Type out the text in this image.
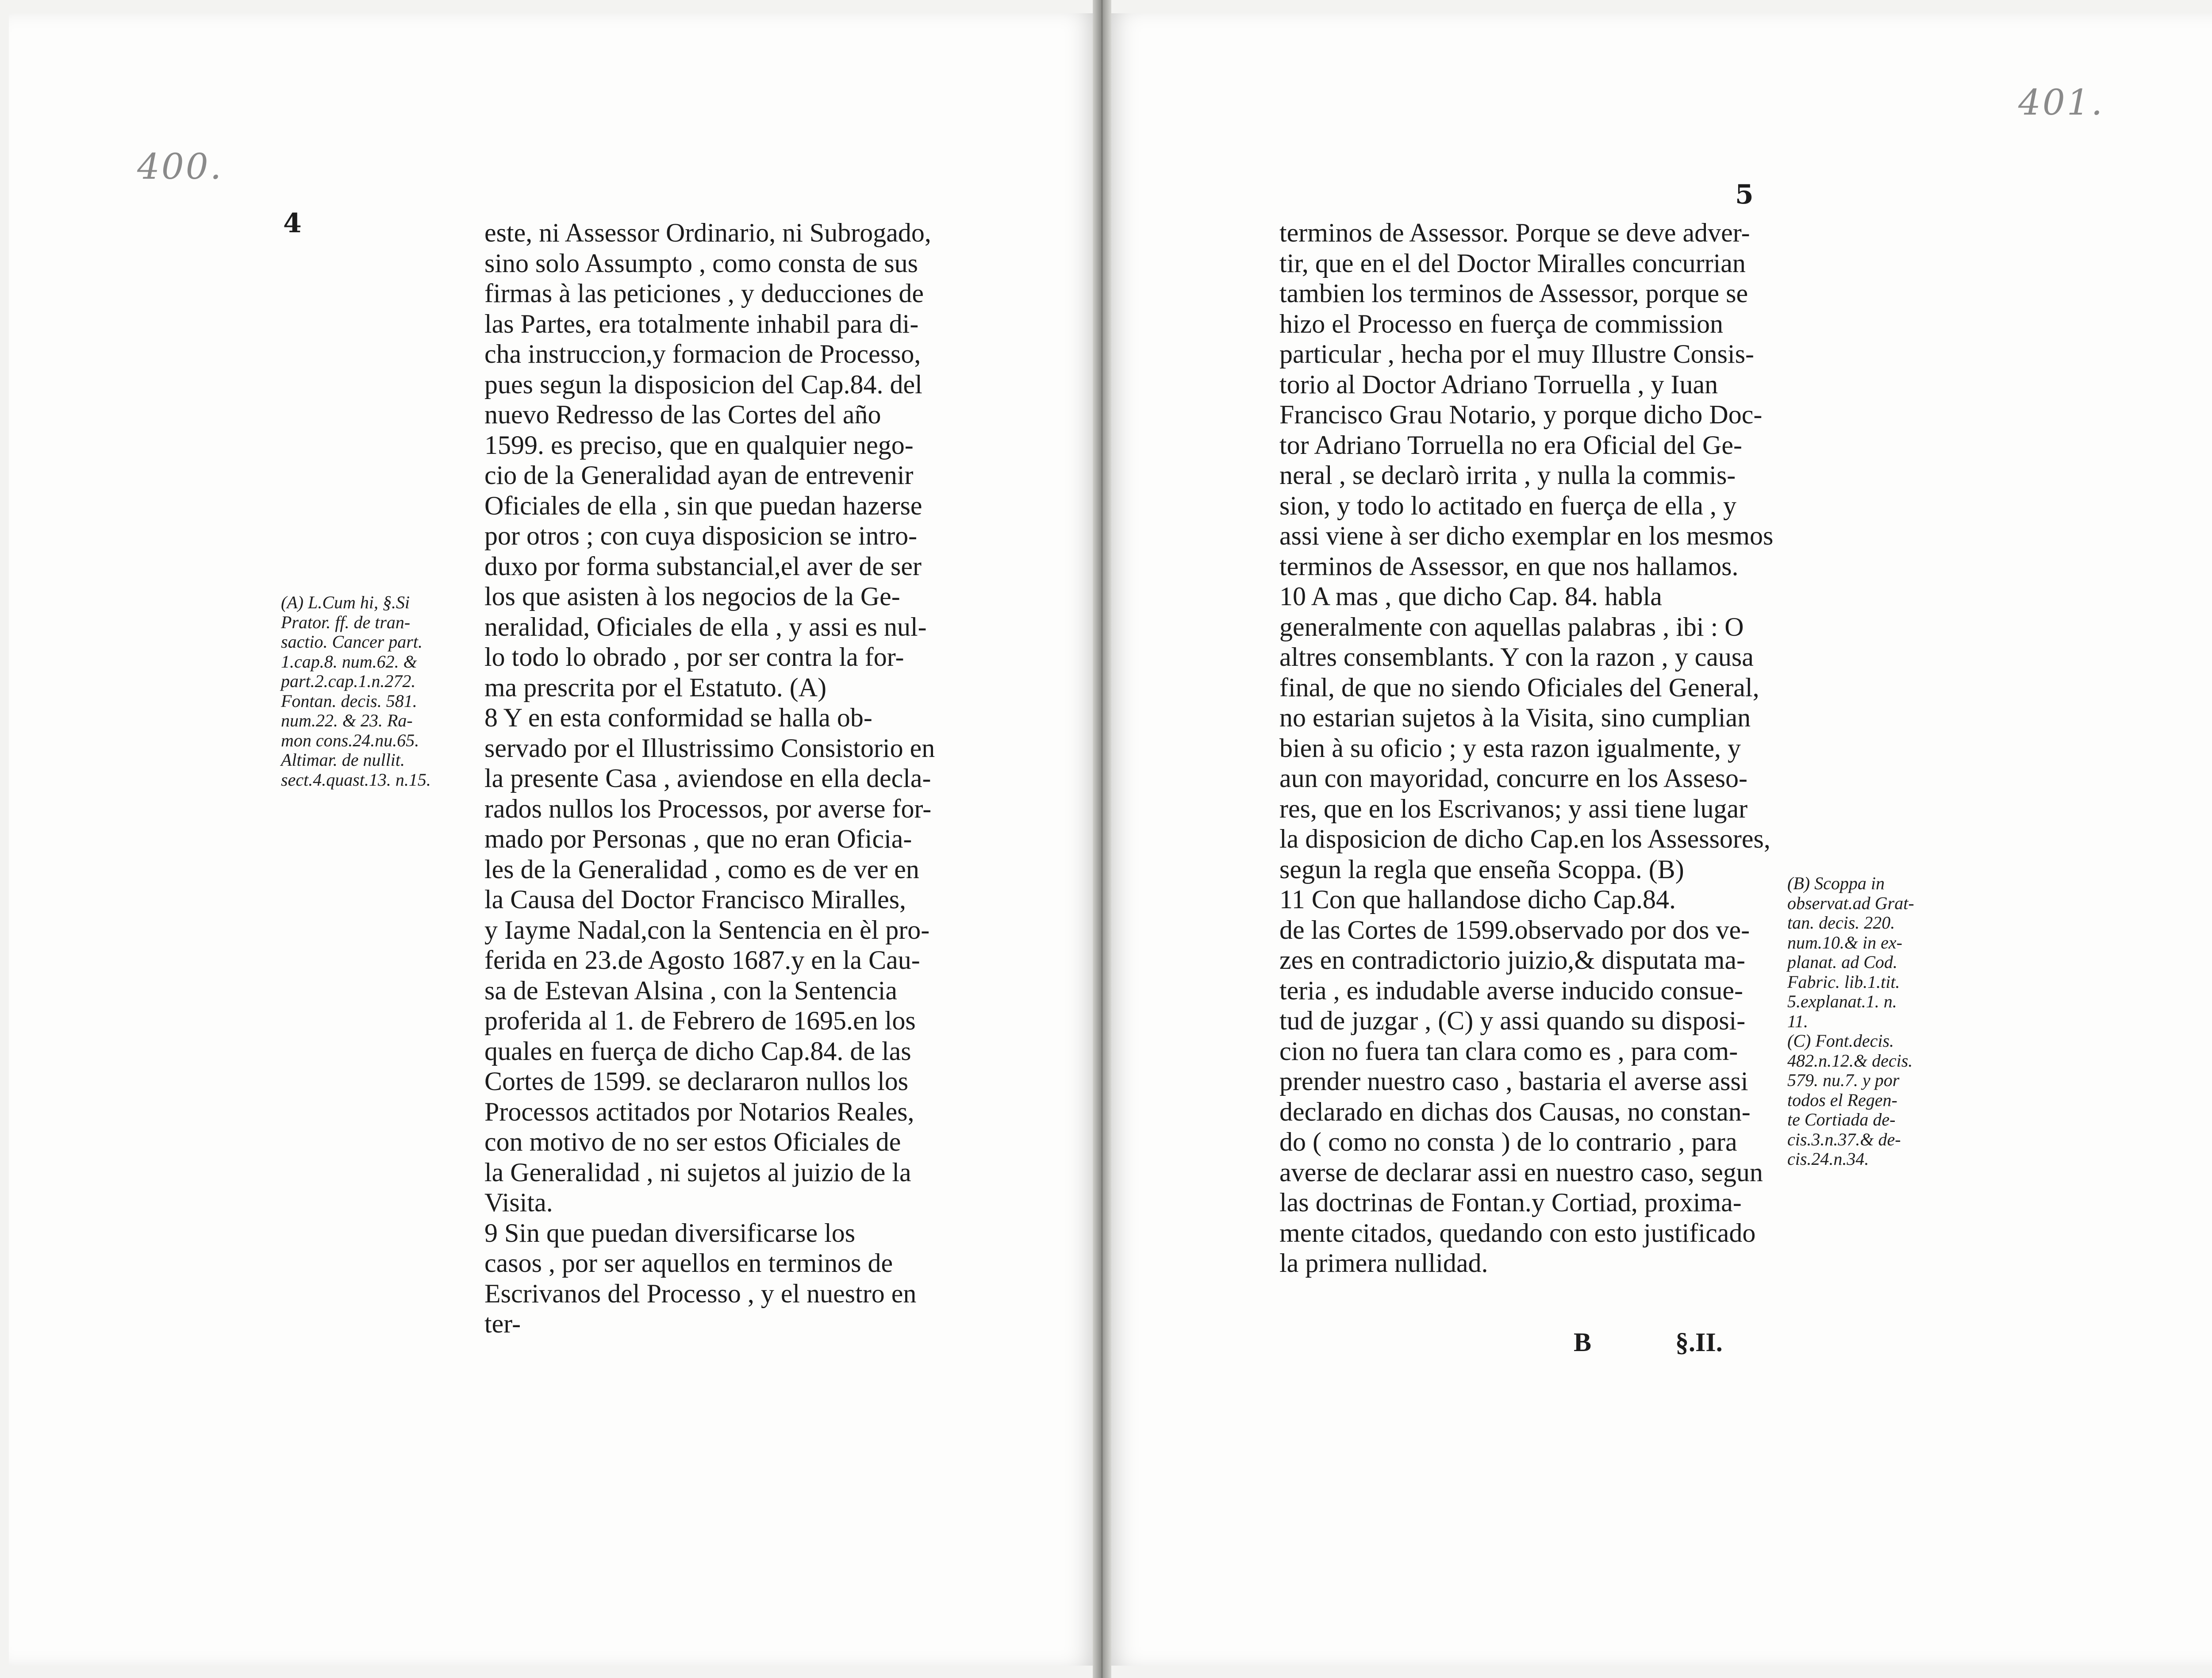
400.
4	este, ni Assessor Ordinario, ni Subrogado,
sino solo Assumpto , como consta de sus
firmas à las peticiones , y deducciones de
las Partes, era totalmente inhabil para di-
cha instruccion,y formacion de Processo,
pues segun la disposicion del Cap.84. del
nuevo Redresso de las Cortes del año
1599. es preciso, que en qualquier nego-
cio de la Generalidad ayan de entrevenir
Oficiales de ella , sin que puedan hazerse
por otros ; con cuya disposicion se intro-
duxo por forma substancial,el aver de ser
los que asisten à los negocios de la Ge-
neralidad, Oficiales de ella , y assi es nul-
lo todo lo obrado , por ser contra la for-
ma prescrita por el Estatuto. (A)
8 Y en esta conformidad se halla ob-
servado por el Illustrissimo Consistorio en
la presente Casa , aviendose en ella decla-
rados nullos los Processos, por averse for-
mado por Personas , que no eran Oficia-
les de la Generalidad , como es de ver en
la Causa del Doctor Francisco Miralles,
y Iayme Nadal,con la Sentencia en èl pro-
ferida en 23.de Agosto 1687.y en la Cau-
sa de Estevan Alsina , con la Sentencia
proferida al 1. de Febrero de 1695.en los
quales en fuerça de dicho Cap.84. de las
Cortes de 1599. se declararon nullos los
Processos actitados por Notarios Reales,
con motivo de no ser estos Oficiales de
la Generalidad , ni sujetos al juizio de la
Visita.
9 Sin que puedan diversificarse los
casos , por ser aquellos en terminos de
Escrivanos del Processo , y el nuestro en
ter-
(A) L.Cum hi, §.Si
Prator. ff. de tran-
sactio. Cancer part.
1.cap.8. num.62. &
part.2.cap.1.n.272.
Fontan. decis. 581.
num.22. & 23. Ra-
mon cons.24.nu.65.
Altimar. de nullit.
sect.4.quast.13. n.15.
401.
5
terminos de Assessor. Porque se deve adver-
tir, que en el del Doctor Miralles concurrian
tambien los terminos de Assessor, porque se
hizo el Processo en fuerça de commission
particular , hecha por el muy Illustre Consis-
torio al Doctor Adriano Torruella , y Iuan
Francisco Grau Notario, y porque dicho Doc-
tor Adriano Torruella no era Oficial del Ge-
neral , se declarò irrita , y nulla la commis-
sion, y todo lo actitado en fuerça de ella , y
assi viene à ser dicho exemplar en los mesmos
terminos de Assessor, en que nos hallamos.
10 A mas , que dicho Cap. 84. habla
generalmente con aquellas palabras , ibi : O
altres consemblants. Y con la razon , y causa
final, de que no siendo Oficiales del General,
no estarian sujetos à la Visita, sino cumplian
bien à su oficio ; y esta razon igualmente, y
aun con mayoridad, concurre en los Asseso-
res, que en los Escrivanos; y assi tiene lugar
la disposicion de dicho Cap.en los Assessores,
segun la regla que enseña Scoppa. (B)
11 Con que hallandose dicho Cap.84.
de las Cortes de 1599.observado por dos ve-
zes en contradictorio juizio,& disputata ma-
teria , es indudable averse inducido consue-
tud de juzgar , (C) y assi quando su disposi-
cion no fuera tan clara como es , para com-
prender nuestro caso , bastaria el averse assi
declarado en dichas dos Causas, no constan-
do ( como no consta ) de lo contrario , para
averse de declarar assi en nuestro caso, segun
las doctrinas de Fontan.y Cortiad, proxima-
mente citados, quedando con esto justificado
la primera nullidad.
(B) Scoppa in
observat.ad Grat-
tan. decis. 220.
num.10.& in ex-
planat. ad Cod.
Fabric. lib.1.tit.
5.explanat.1. n.
11.
(C) Font.decis.
482.n.12.& decis.
579. nu.7. y por
todos el Regen-
te Cortiada de-
cis.3.n.37.& de-
cis.24.n.34.
B	§.II.
